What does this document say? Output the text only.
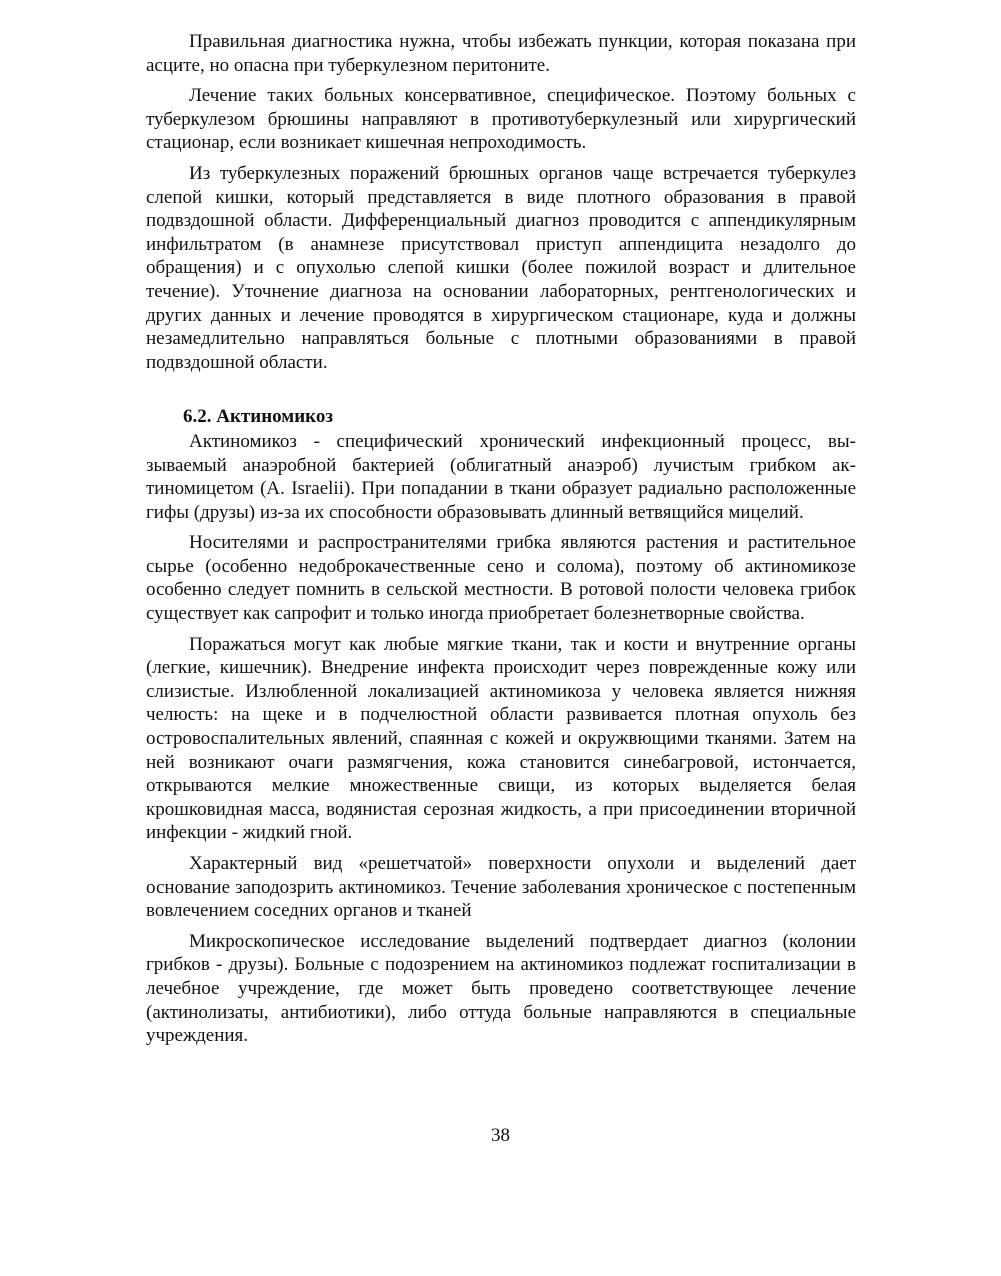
Правильная диагностика нужна, чтобы избежать пункции, которая показана при асците, но опасна при туберкулезном перитоните.

Лечение таких больных консервативное, специфическое. Поэтому больных с туберкулезом брюшины направляют в противотуберкулезный или хирургический стационар, если возникает кишечная непроходимость.

Из туберкулезных поражений брюшных органов чаще встречается туберкулез слепой кишки, который представляется в виде плотного образования в правой подвздошной области. Дифференциальный диагноз проводится с аппендикулярным инфильтратом (в анамнезе присутствовал приступ аппендицита незадолго до обращения) и с опухолью слепой кишки (более пожилой возраст и длительное течение). Уточнение диагноза на основании лабораторных, рентгенологических и других данных и лечение проводятся в хирургическом стационаре, куда и должны незамедлительно направляться больные с плотными образованиями в правой подвздошной области.

6.2. Актиномикоз

Актиномикоз - специфический хронический инфекционный процесс, вызываемый анаэробной бактерией (облигатный анаэроб) лучистым грибком актиномицетом (A. Israelii). При попадании в ткани образует радиально расположенные гифы (друзы) из-за их способности образовывать длинный ветвящийся мицелий.

Носителями и распространителями грибка являются растения и растительное сырье (особенно недоброкачественные сено и солома), поэтому об актиномикозе особенно следует помнить в сельской местности. В ротовой полости человека грибок существует как сапрофит и только иногда приобретает болезнетворные свойства.

Поражаться могут как любые мягкие ткани, так и кости и внутренние органы (легкие, кишечник). Внедрение инфекта происходит через поврежденные кожу или слизистые. Излюбленной локализацией актиномикоза у человека является нижняя челюсть: на щеке и в подчелюстной области развивается плотная опухоль без островоспалительных явлений, спаянная с кожей и окружвющими тканями. Затем на ней возникают очаги размягчения, кожа становится синебагровой, истончается, открываются мелкие множественные свищи, из которых выделяется белая крошковидная масса, водянистая серозная жидкость, а при присоединении вторичной инфекции - жидкий гной.

Характерный вид «решетчатой» поверхности опухоли и выделений дает основание заподозрить актиномикоз. Течение заболевания хроническое с постепенным вовлечением соседних органов и тканей

Микроскопическое исследование выделений подтвердает диагноз (колонии грибков - друзы). Больные с подозрением на актиномикоз подлежат госпитализации в лечебное учреждение, где может быть проведено соответствующее лечение (актинолизаты, антибиотики), либо оттуда больные направляются в специальные учреждения.

38
